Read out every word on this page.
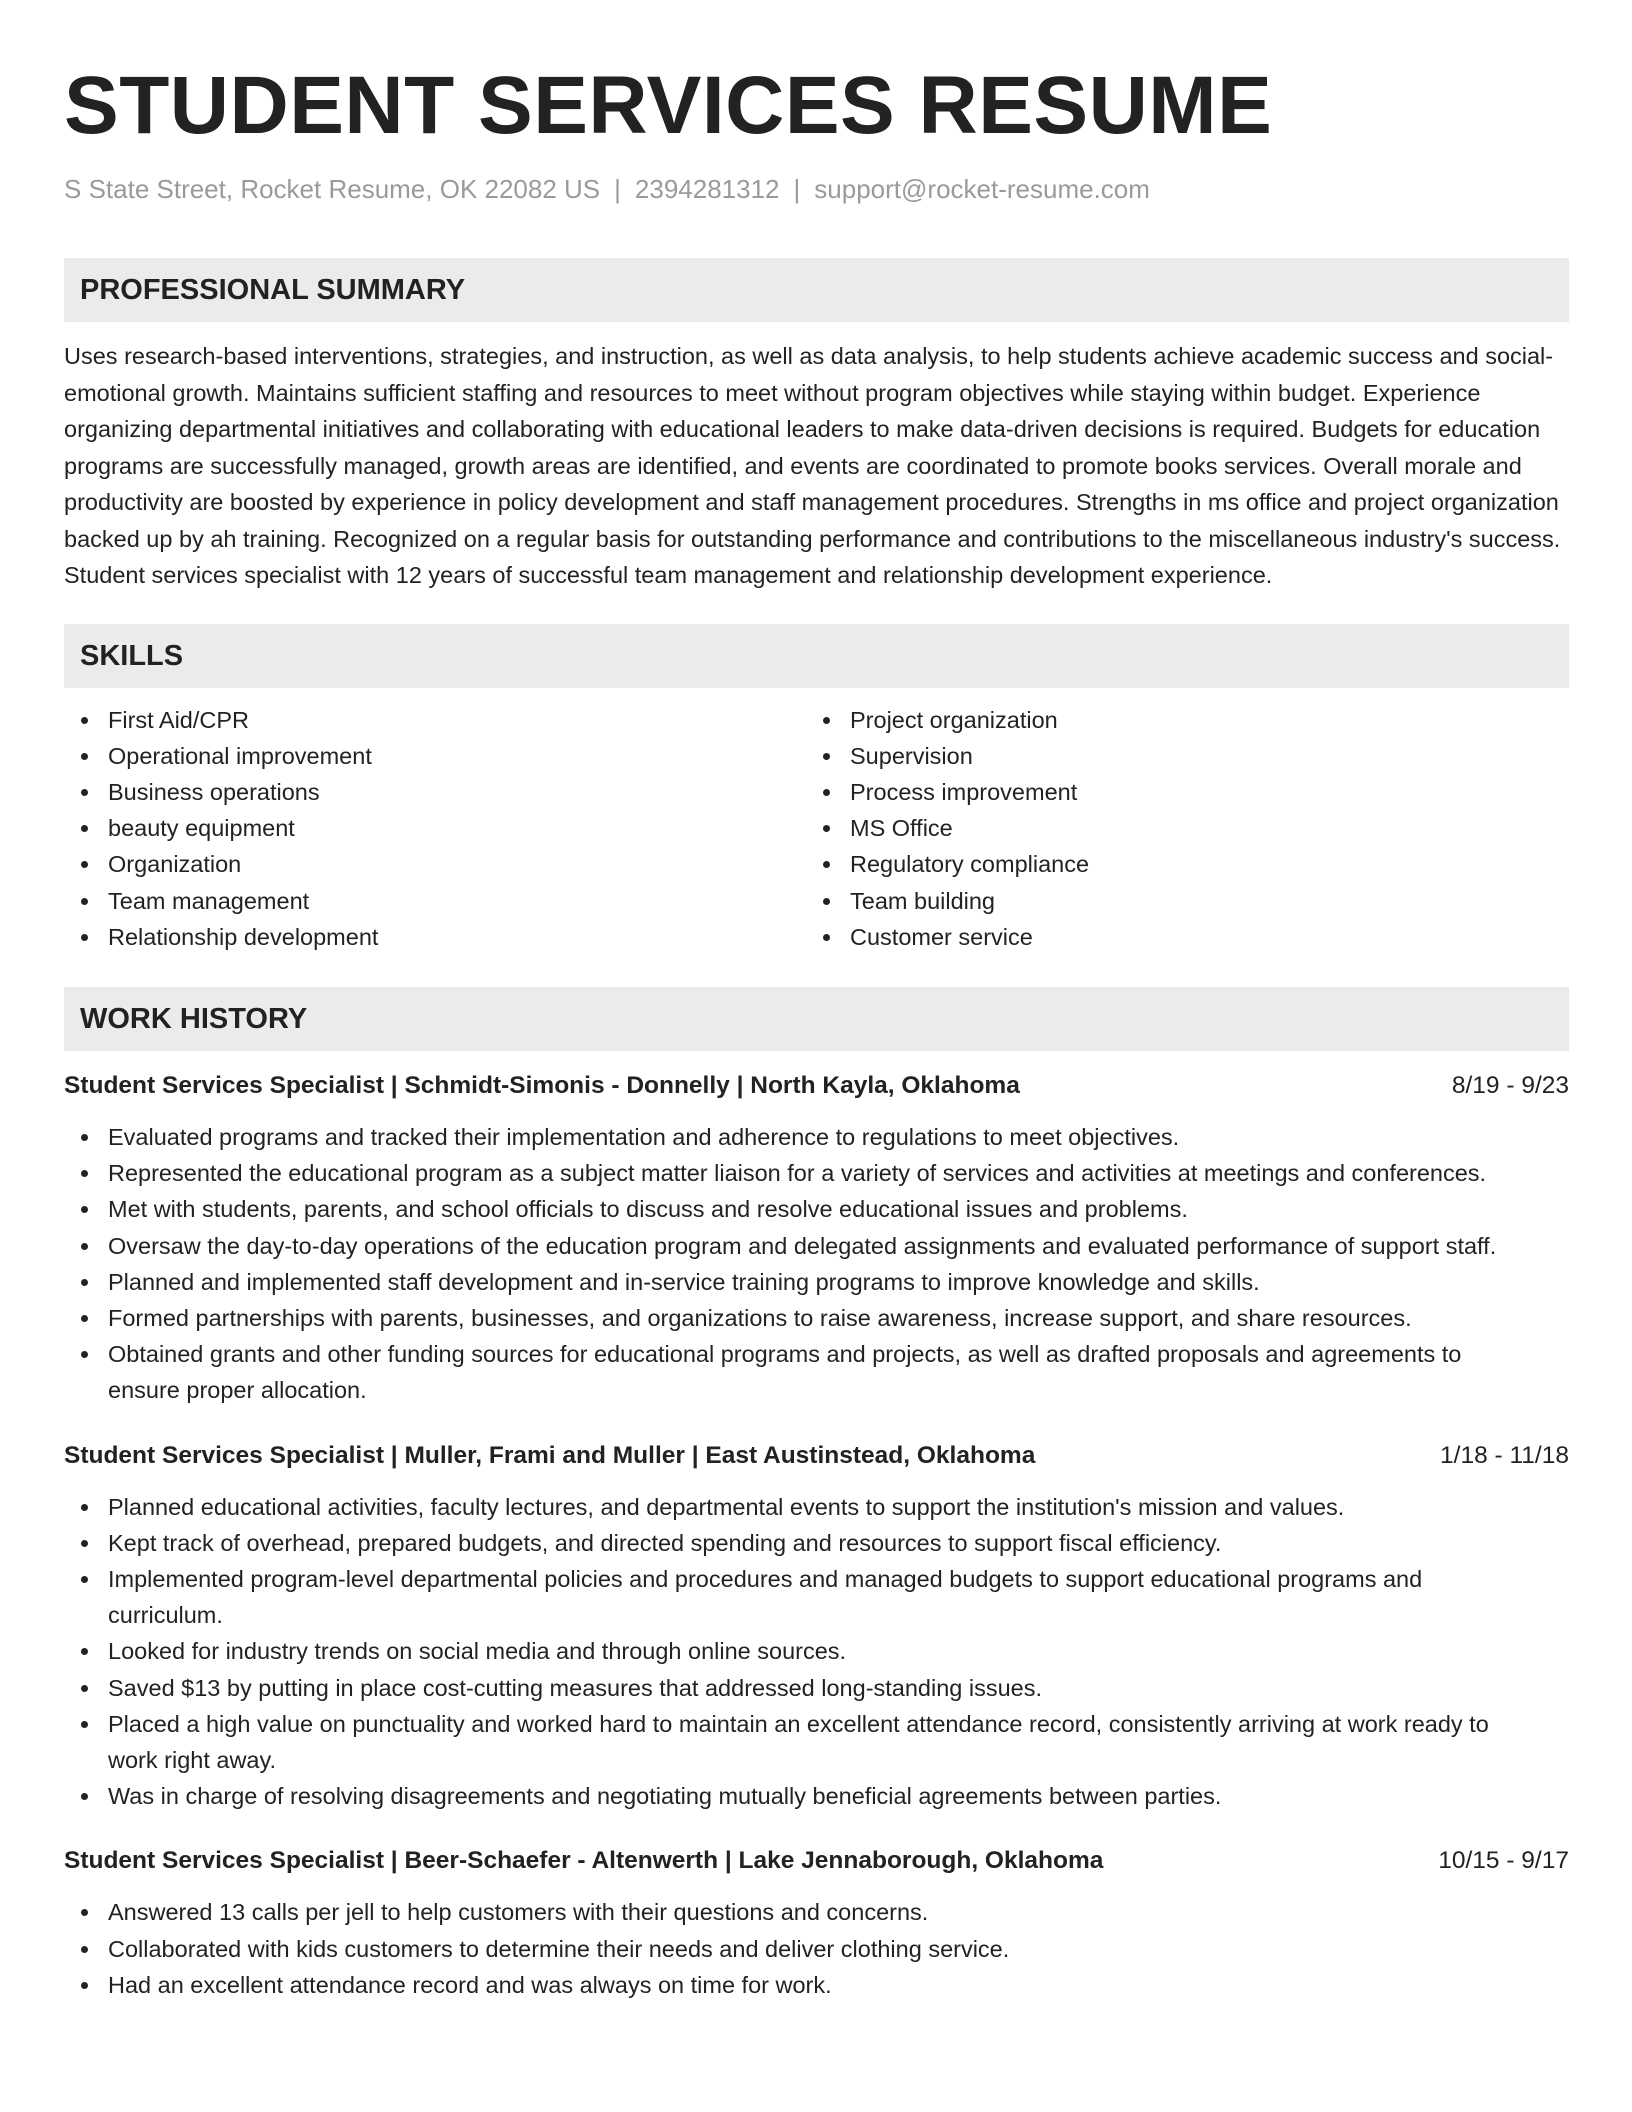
STUDENT SERVICES RESUME
S State Street, Rocket Resume, OK 22082 US | 2394281312 | support@rocket-resume.com
PROFESSIONAL SUMMARY

Uses research-based interventions, strategies, and instruction, as well as data analysis, to help students achieve academic success and social-emotional growth. Maintains sufficient staffing and resources to meet without program objectives while staying within budget. Experience organizing departmental initiatives and collaborating with educational leaders to make data-driven decisions is required. Budgets for education programs are successfully managed, growth areas are identified, and events are coordinated to promote books services. Overall morale and productivity are boosted by experience in policy development and staff management procedures. Strengths in ms office and project organization backed up by ah training. Recognized on a regular basis for outstanding performance and contributions to the miscellaneous industry's success. Student services specialist with 12 years of successful team management and relationship development experience.

SKILLS
First Aid/CPR
Operational improvement
Business operations
beauty equipment
Organization
Team management
Relationship development
Project organization
Supervision
Process improvement
MS Office
Regulatory compliance
Team building
Customer service
WORK HISTORY
Student Services Specialist | Schmidt-Simonis - Donnelly | North Kayla, Oklahoma	8/19 - 9/23
Evaluated programs and tracked their implementation and adherence to regulations to meet objectives.
Represented the educational program as a subject matter liaison for a variety of services and activities at meetings and conferences.
Met with students, parents, and school officials to discuss and resolve educational issues and problems.
Oversaw the day-to-day operations of the education program and delegated assignments and evaluated performance of support staff.
Planned and implemented staff development and in-service training programs to improve knowledge and skills.
Formed partnerships with parents, businesses, and organizations to raise awareness, increase support, and share resources.
Obtained grants and other funding sources for educational programs and projects, as well as drafted proposals and agreements to ensure proper allocation.
Student Services Specialist | Muller, Frami and Muller | East Austinstead, Oklahoma	1/18 - 11/18
Planned educational activities, faculty lectures, and departmental events to support the institution's mission and values.
Kept track of overhead, prepared budgets, and directed spending and resources to support fiscal efficiency.
Implemented program-level departmental policies and procedures and managed budgets to support educational programs and curriculum.
Looked for industry trends on social media and through online sources.
Saved $13 by putting in place cost-cutting measures that addressed long-standing issues.
Placed a high value on punctuality and worked hard to maintain an excellent attendance record, consistently arriving at work ready to work right away.
Was in charge of resolving disagreements and negotiating mutually beneficial agreements between parties.
Student Services Specialist | Beer-Schaefer - Altenwerth | Lake Jennaborough, Oklahoma	10/15 - 9/17
Answered 13 calls per jell to help customers with their questions and concerns.
Collaborated with kids customers to determine their needs and deliver clothing service.
Had an excellent attendance record and was always on time for work.
